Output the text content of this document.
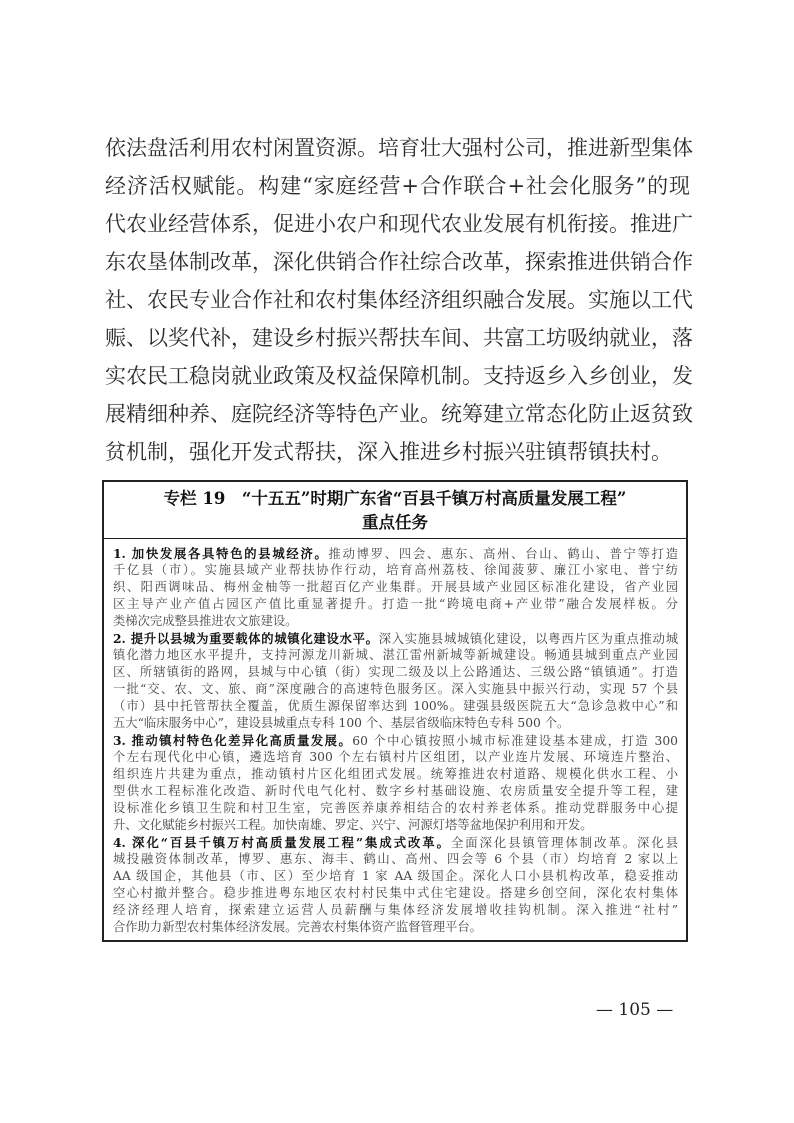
依法盘活利用农村闲置资源。培育壮大强村公司，推进新型集体
经济活权赋能。构建“家庭经营+合作联合+社会化服务”的现
代农业经营体系，促进小农户和现代农业发展有机衔接。推进广
东农垦体制改革，深化供销合作社综合改革，探索推进供销合作
社、农民专业合作社和农村集体经济组织融合发展。实施以工代
赈、以奖代补，建设乡村振兴帮扶车间、共富工坊吸纳就业，落
实农民工稳岗就业政策及权益保障机制。支持返乡入乡创业，发
展精细种养、庭院经济等特色产业。统筹建立常态化防止返贫致
贫机制，强化开发式帮扶，深入推进乡村振兴驻镇帮镇扶村。
专栏 19　“十五五”时期广东省“百县千镇万村高质量发展工程”
重点任务
1. 加快发展各具特色的县城经济。推动博罗、四会、惠东、高州、台山、鹤山、普宁等打造
千亿县（市）。实施县域产业帮扶协作行动，培育高州荔枝、徐闻菠萝、廉江小家电、普宁纺
织、阳西调味品、梅州金柚等一批超百亿产业集群。开展县域产业园区标准化建设，省产业园
区主导产业产值占园区产值比重显著提升。打造一批“跨境电商+产业带”融合发展样板。分
类梯次完成整县推进农文旅建设。
2. 提升以县城为重要载体的城镇化建设水平。深入实施县城城镇化建设，以粤西片区为重点推动城
镇化潜力地区水平提升，支持河源龙川新城、湛江雷州新城等新城建设。畅通县城到重点产业园
区、所辖镇街的路网，县城与中心镇（街）实现二级及以上公路通达、三级公路“镇镇通”。打造
一批“交、农、文、旅、商”深度融合的高速特色服务区。深入实施县中振兴行动，实现 57 个县
（市）县中托管帮扶全覆盖，优质生源保留率达到 100%。建强县级医院五大“急诊急救中心”和
五大“临床服务中心”，建设县城重点专科 100 个、基层省级临床特色专科 500 个。
3. 推动镇村特色化差异化高质量发展。60 个中心镇按照小城市标准建设基本建成，打造 300
个左右现代化中心镇，遴选培育 300 个左右镇村片区组团，以产业连片发展、环境连片整治、
组织连片共建为重点，推动镇村片区化组团式发展。统筹推进农村道路、规模化供水工程、小
型供水工程标准化改造、新时代电气化村、数字乡村基础设施、农房质量安全提升等工程，建
设标准化乡镇卫生院和村卫生室，完善医养康养相结合的农村养老体系。推动党群服务中心提
升、文化赋能乡村振兴工程。加快南雄、罗定、兴宁、河源灯塔等盆地保护利用和开发。
4. 深化“百县千镇万村高质量发展工程”集成式改革。全面深化县镇管理体制改革。深化县
城投融资体制改革，博罗、惠东、海丰、鹤山、高州、四会等 6 个县（市）均培育 2 家以上
AA 级国企，其他县（市、区）至少培育 1 家 AA 级国企。深化人口小县机构改革，稳妥推动
空心村撤并整合。稳步推进粤东地区农村村民集中式住宅建设。搭建乡创空间，深化农村集体
经济经理人培育，探索建立运营人员薪酬与集体经济发展增收挂钩机制。深入推进“社村”
合作助力新型农村集体经济发展。完善农村集体资产监督管理平台。
— 105 —
